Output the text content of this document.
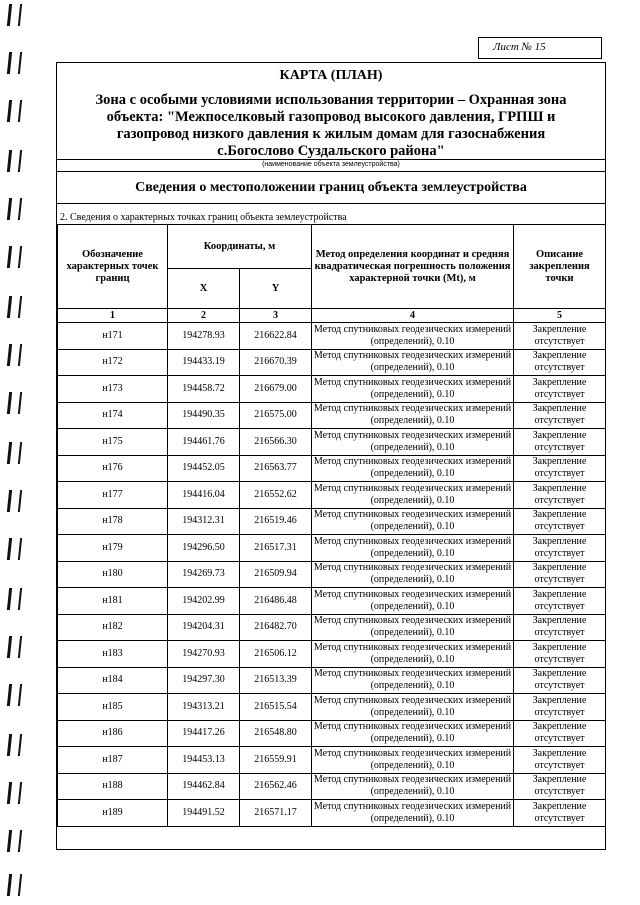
Лист № 15
КАРТА (ПЛАН)
Зона с особыми условиями использования территории – Охранная зона
объекта: "Межпоселковый газопровод высокого давления, ГРПШ и
газопровод низкого давления к жилым домам для газоснабжения
с.Богослово Суздальского района"
(наименование объекта землеустройства)
Сведения о местоположении границ объекта землеустройства
2. Сведения о характерных точках границ объекта землеустройства
Обозначение характерных точек границ	Координаты, м		Метод определения координат и средняя квадратическая погрешность положения характерной точки (Mt), м	Описание закрепления точки
	X	Y		
1	2	3	4	5
н171	194278.93	216622.84	Метод спутниковых геодезических измерений (определений), 0.10	Закрепление отсутствует
н172	194433.19	216670.39	Метод спутниковых геодезических измерений (определений), 0.10	Закрепление отсутствует
н173	194458.72	216679.00	Метод спутниковых геодезических измерений (определений), 0.10	Закрепление отсутствует
н174	194490.35	216575.00	Метод спутниковых геодезических измерений (определений), 0.10	Закрепление отсутствует
н175	194461.76	216566.30	Метод спутниковых геодезических измерений (определений), 0.10	Закрепление отсутствует
н176	194452.05	216563.77	Метод спутниковых геодезических измерений (определений), 0.10	Закрепление отсутствует
н177	194416.04	216552.62	Метод спутниковых геодезических измерений (определений), 0.10	Закрепление отсутствует
н178	194312.31	216519.46	Метод спутниковых геодезических измерений (определений), 0.10	Закрепление отсутствует
н179	194296.50	216517.31	Метод спутниковых геодезических измерений (определений), 0.10	Закрепление отсутствует
н180	194269.73	216509.94	Метод спутниковых геодезических измерений (определений), 0.10	Закрепление отсутствует
н181	194202.99	216486.48	Метод спутниковых геодезических измерений (определений), 0.10	Закрепление отсутствует
н182	194204.31	216482.70	Метод спутниковых геодезических измерений (определений), 0.10	Закрепление отсутствует
н183	194270.93	216506.12	Метод спутниковых геодезических измерений (определений), 0.10	Закрепление отсутствует
н184	194297.30	216513.39	Метод спутниковых геодезических измерений (определений), 0.10	Закрепление отсутствует
н185	194313.21	216515.54	Метод спутниковых геодезических измерений (определений), 0.10	Закрепление отсутствует
н186	194417.26	216548.80	Метод спутниковых геодезических измерений (определений), 0.10	Закрепление отсутствует
н187	194453.13	216559.91	Метод спутниковых геодезических измерений (определений), 0.10	Закрепление отсутствует
н188	194462.84	216562.46	Метод спутниковых геодезических измерений (определений), 0.10	Закрепление отсутствует
н189	194491.52	216571.17	Метод спутниковых геодезических измерений (определений), 0.10	Закрепление отсутствует
